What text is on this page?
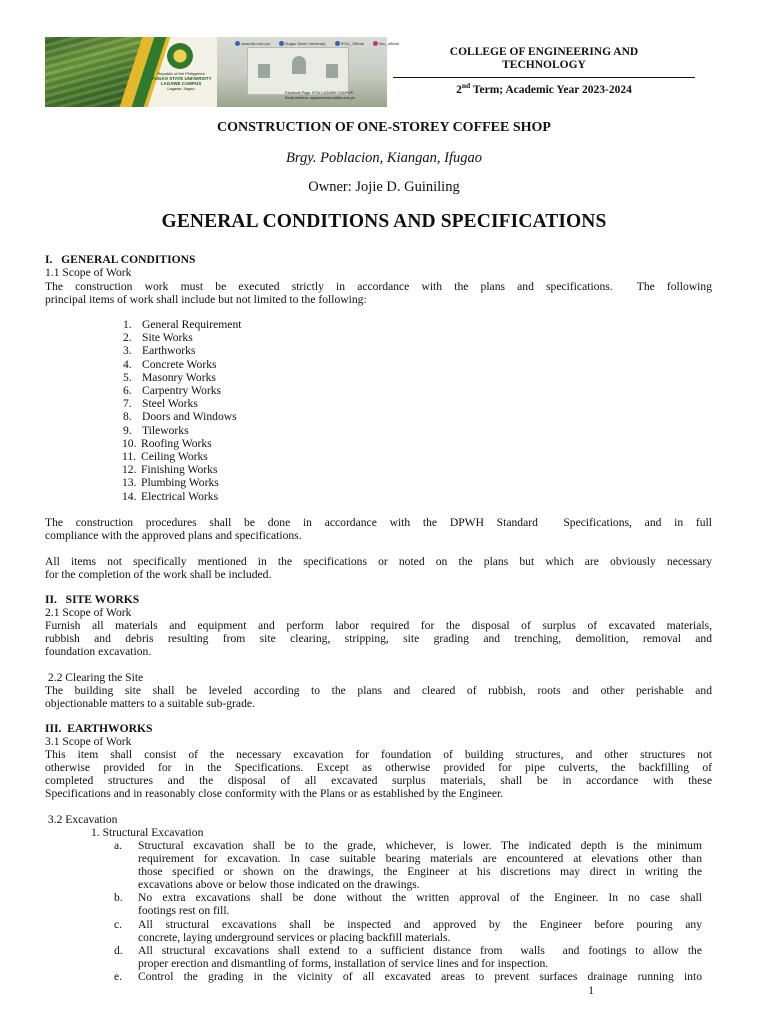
Republic of the Philippines
IFUGAO STATE UNIVERSITY
LAGAWE CAMPUS
Lagawe, Ifugao
www.ifsu.edu.ph	Ifugao State University	IFSU_Official	ifsu_official
Facebook Page: IFSU LAGAWE CAMPUS
Email Address: lagawecampus@ifsu.edu.ph
COLLEGE OF ENGINEERING AND
TECHNOLOGY
2nd Term; Academic Year 2023-2024
CONSTRUCTION OF ONE-STOREY COFFEE SHOP
Brgy. Poblacion, Kiangan, Ifugao
Owner: Jojie D. Guiniling
GENERAL CONDITIONS AND SPECIFICATIONS
I.   GENERAL CONDITIONS
1.1 Scope of Work
The construction work must be executed strictly in accordance with the plans and specifications.  The following
principal items of work shall include but not limited to the following:
1. General Requirement
2. Site Works
3. Earthworks
4. Concrete Works
5. Masonry Works
6. Carpentry Works
7. Steel Works
8. Doors and Windows
9. Tileworks
10. Roofing Works
11. Ceiling Works
12. Finishing Works
13. Plumbing Works
14. Electrical Works
The construction procedures shall be done in accordance with the DPWH Standard  Specifications, and in full
compliance with the approved plans and specifications.
All items not specifically mentioned in the specifications or noted on the plans but which are obviously necessary
for the completion of the work shall be included.
II.   SITE WORKS
2.1 Scope of Work
Furnish all materials and equipment and perform labor required for the disposal of surplus of excavated materials,
rubbish and debris resulting from site clearing, stripping, site grading and trenching, demolition, removal and
foundation excavation.
2.2 Clearing the Site
The building site shall be leveled according to the plans and cleared of rubbish, roots and other perishable and
objectionable matters to a suitable sub-grade.
III.  EARTHWORKS
3.1 Scope of Work
This item shall consist of the necessary excavation for foundation of building structures, and other structures not
otherwise provided for in the Specifications. Except as otherwise provided for pipe culverts, the backfilling of
completed structures and the disposal of all excavated surplus materials, shall be in accordance with these
Specifications and in reasonably close conformity with the Plans or as established by the Engineer.
3.2 Excavation
1. Structural Excavation
a. Structural excavation shall be to the grade, whichever, is lower. The indicated depth is the minimum
requirement for excavation. In case suitable bearing materials are encountered at elevations other than
those specified or shown on the drawings, the Engineer at his discretions may direct in writing the
excavations above or below those indicated on the drawings.
b. No extra excavations shall be done without the written approval of the Engineer. In no case shall
footings rest on fill.
c. All structural excavations shall be inspected and approved by the Engineer before pouring any
concrete, laying underground services or placing backfill materials.
d. All structural excavations shall extend to a sufficient distance from  walls  and footings to allow the
proper erection and dismantling of forms, installation of service lines and for inspection.
e. Control the grading in the vicinity of all excavated areas to prevent surfaces drainage running into
1
